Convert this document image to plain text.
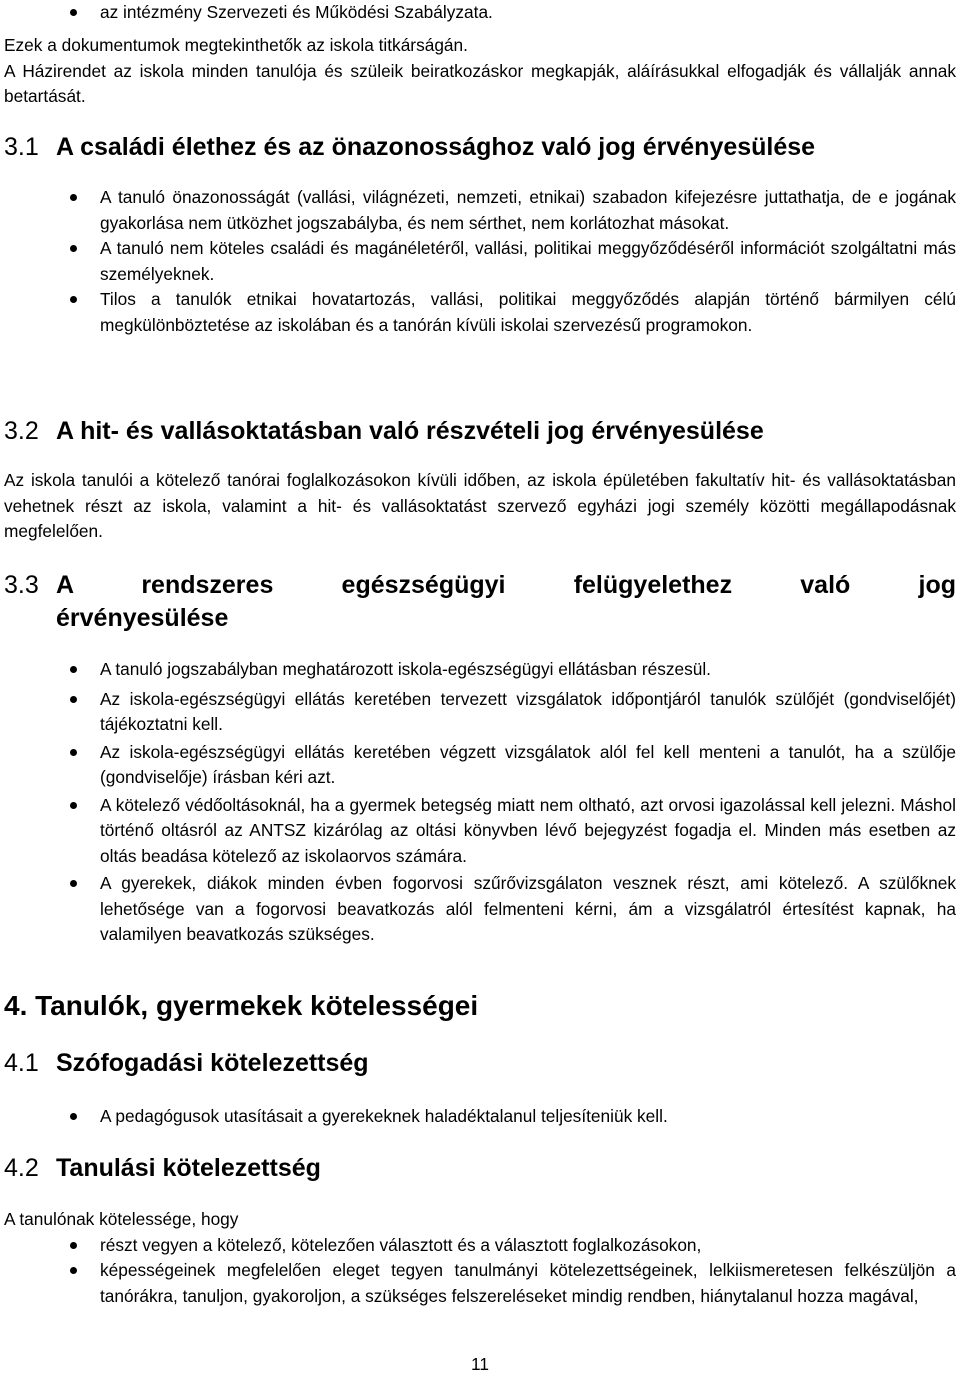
az intézmény Szervezeti és Működési Szabályzata.

Ezek a dokumentumok megtekinthetők az iskola titkárságán.

A Házirendet az iskola minden tanulója és szüleik beiratkozáskor megkapják, aláírásukkal elfogadják és vállalják annak betartását.

3.1 A családi élethez és az önazonossághoz való jog érvényesülése
A tanuló önazonosságát (vallási, világnézeti, nemzeti, etnikai) szabadon kifejezésre juttathatja, de e jogának gyakorlása nem ütközhet jogszabályba, és nem sérthet, nem korlátozhat másokat.
A tanuló nem köteles családi és magánéletéről, vallási, politikai meggyőződéséről információt szolgáltatni más személyeknek.
Tilos a tanulók etnikai hovatartozás, vallási, politikai meggyőződés alapján történő bármilyen célú megkülönböztetése az iskolában és a tanórán kívüli iskolai szervezésű programokon.
3.2 A hit- és vallásoktatásban való részvételi jog érvényesülése

Az iskola tanulói a kötelező tanórai foglalkozásokon kívüli időben, az iskola épületében fakultatív hit- és vallásoktatásban vehetnek részt az iskola, valamint a hit- és vallásoktatást szervező egyházi jogi személy közötti megállapodásnak megfelelően.

3.3 A rendszeres egészségügyi felügyelethez való jog
érvényesülése
A tanuló jogszabályban meghatározott iskola-egészségügyi ellátásban részesül.
Az iskola-egészségügyi ellátás keretében tervezett vizsgálatok időpontjáról tanulók szülőjét (gondviselőjét) tájékoztatni kell.
Az iskola-egészségügyi ellátás keretében végzett vizsgálatok alól fel kell menteni a tanulót, ha a szülője (gondviselője) írásban kéri azt.
A kötelező védőoltásoknál, ha a gyermek betegség miatt nem oltható, azt orvosi igazolással kell jelezni. Máshol történő oltásról az ANTSZ kizárólag az oltási könyvben lévő bejegyzést fogadja el. Minden más esetben az oltás beadása kötelező az iskolaorvos számára.
A gyerekek, diákok minden évben fogorvosi szűrővizsgálaton vesznek részt, ami kötelező. A szülőknek lehetősége van a fogorvosi beavatkozás alól felmenteni kérni, ám a vizsgálatról értesítést kapnak, ha valamilyen beavatkozás szükséges.
4. Tanulók, gyermekek kötelességei
4.1 Szófogadási kötelezettség
A pedagógusok utasításait a gyerekeknek haladéktalanul teljesítеniük kell.
4.2 Tanulási kötelezettség

A tanulónak kötelessége, hogy

részt vegyen a kötelező, kötelezően választott és a választott foglalkozásokon,
képességeinek megfelelően eleget tegyen tanulmányi kötelezettségeinek, lelkiismeretesen felkészüljön a tanórákra, tanuljon, gyakoroljon, a szükséges felszereléseket mindig rendben, hiánytalanul hozza magával,
11
